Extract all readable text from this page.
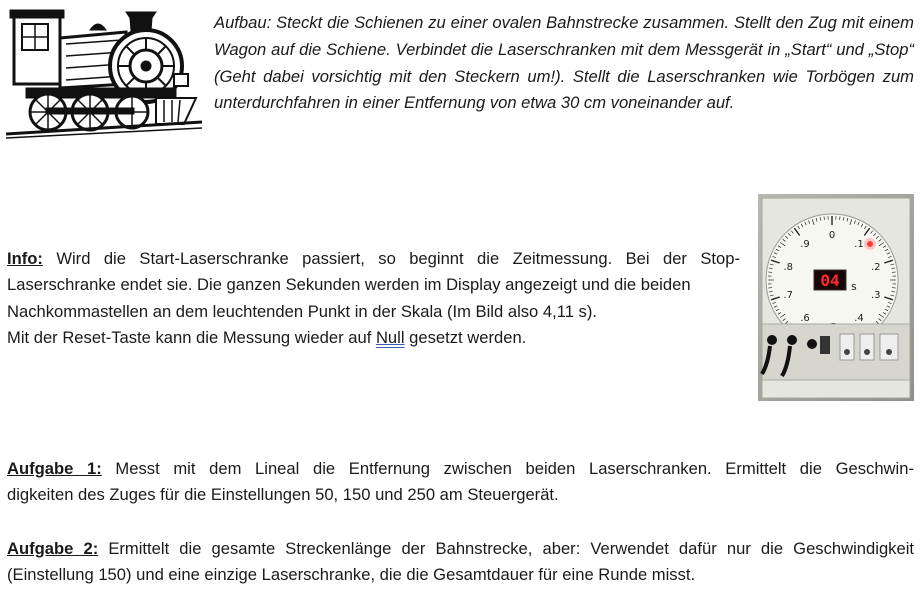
Aufbau: Steckt die Schienen zu einer ovalen Bahnstrecke zusammen. Stellt den Zug mit einem Wagon auf die Schiene. Verbindet die Laserschranken mit dem Messgerät in „Start“ und „Stop“ (Geht dabei vorsichtig mit den Steckern um!). Stellt die Laserschranken wie Torbögen zum unterdurchfahren in einer Entfernung von etwa 30 cm voneinander auf.

Info: Wird die Start-Laserschranke passiert, so beginnt die Zeitmessung. Bei der Stop-
Laserschranke endet sie. Die ganzen Sekunden werden im Display angezeigt und die beiden
Nachkommastellen an dem leuchtenden Punkt in der Skala (Im Bild also 4,11 s).
Mit der Reset-Taste kann die Messung wieder auf Null gesetzt werden.
0
.1
.2
.3
.4
.6
.7
.8
.9
04 s
Aufgabe 1: Messt mit dem Lineal die Entfernung zwischen beiden Laserschranken. Ermittelt die Geschwin-
digkeiten des Zuges für die Einstellungen 50, 150 und 250 am Steuergerät.
Aufgabe 2: Ermittelt die gesamte Streckenlänge der Bahnstrecke, aber: Verwendet dafür nur die Geschwindigkeit
(Einstellung 150) und eine einzige Laserschranke, die die Gesamtdauer für eine Runde misst.
